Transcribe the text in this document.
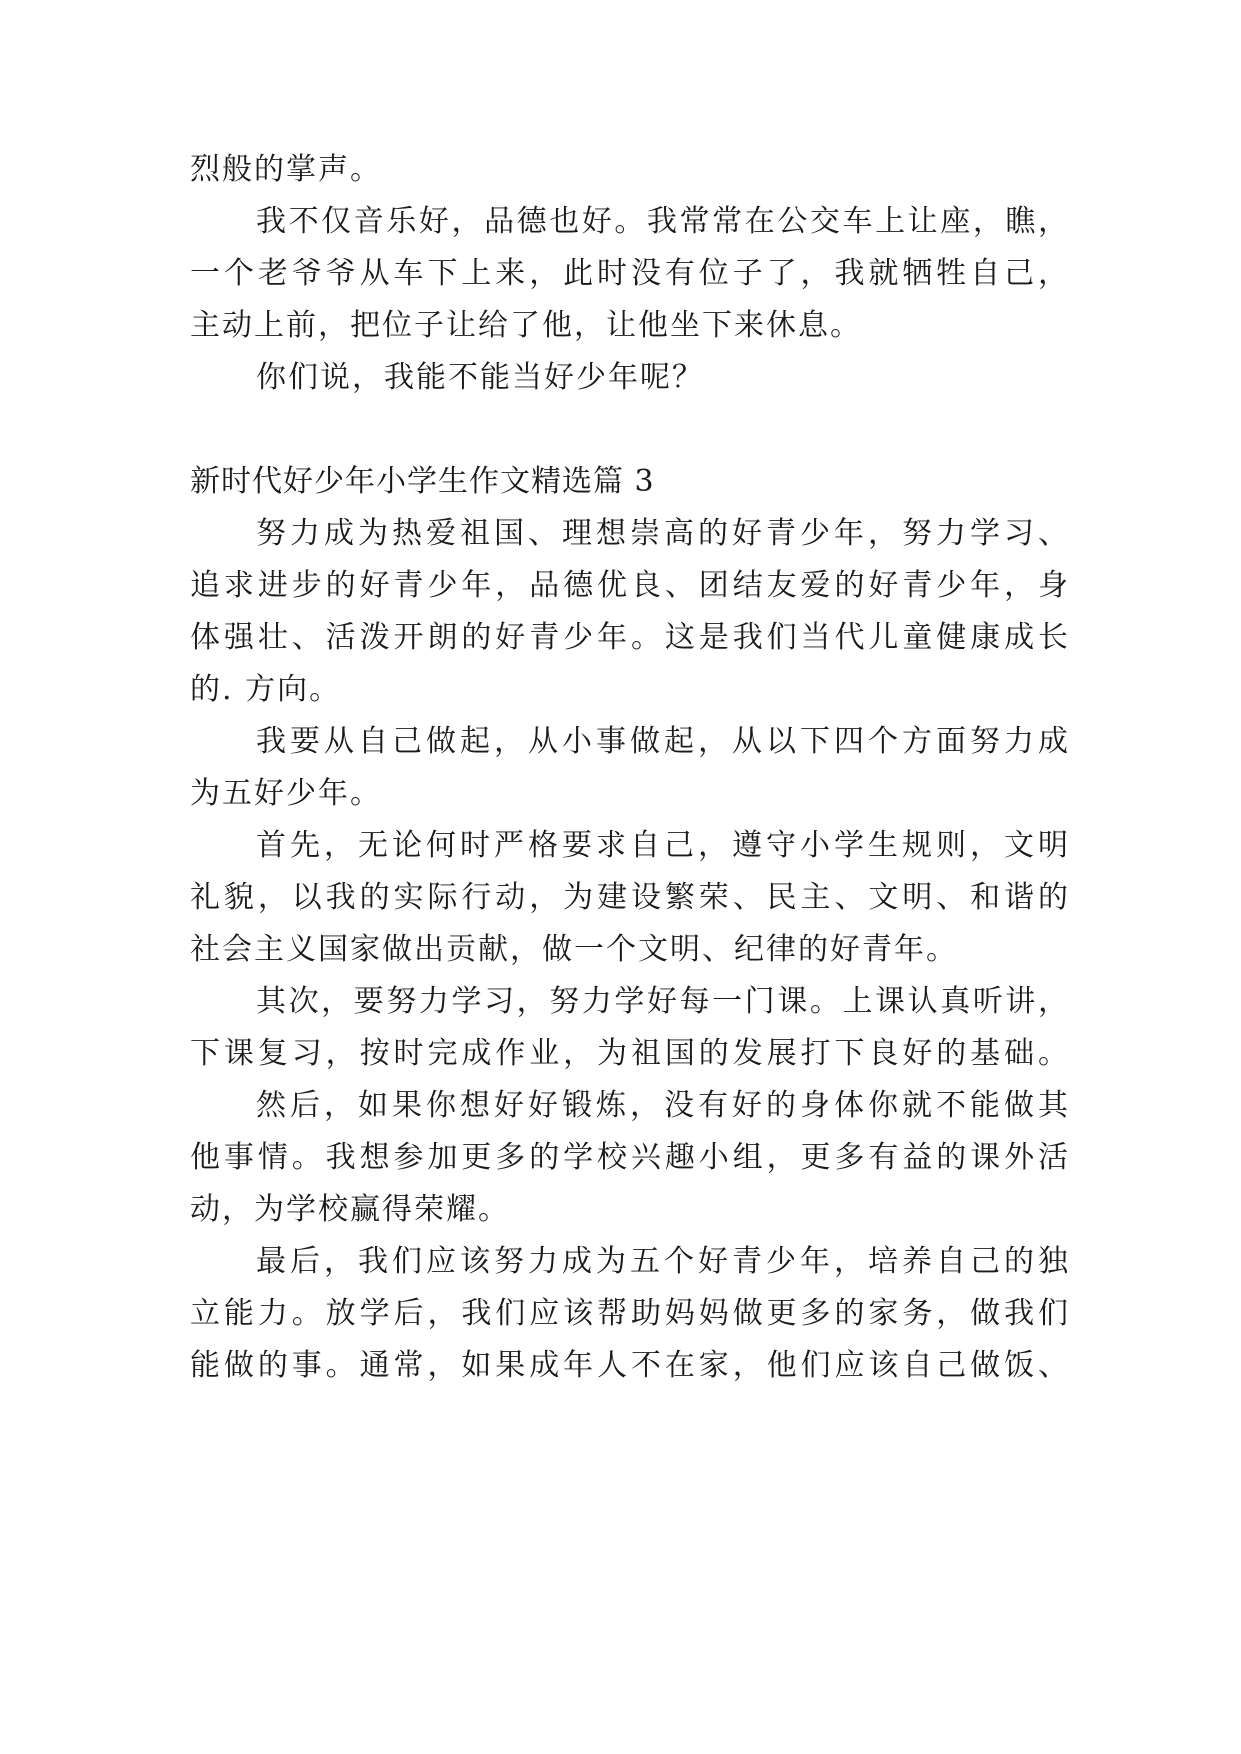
烈般的掌声。
我不仅音乐好，品德也好。我常常在公交车上让座，瞧，
一个老爷爷从车下上来，此时没有位子了，我就牺牲自己，
主动上前，把位子让给了他，让他坐下来休息。
你们说，我能不能当好少年呢？
新时代好少年小学生作文精选篇 3
努力成为热爱祖国、理想崇高的好青少年，努力学习、
追求进步的好青少年，品德优良、团结友爱的好青少年，身
体强壮、活泼开朗的好青少年。这是我们当代儿童健康成长
的. 方向。
我要从自己做起，从小事做起，从以下四个方面努力成
为五好少年。
首先，无论何时严格要求自己，遵守小学生规则，文明
礼貌，以我的实际行动，为建设繁荣、民主、文明、和谐的
社会主义国家做出贡献，做一个文明、纪律的好青年。
其次，要努力学习，努力学好每一门课。上课认真听讲，
下课复习，按时完成作业，为祖国的发展打下良好的基础。
然后，如果你想好好锻炼，没有好的身体你就不能做其
他事情。我想参加更多的学校兴趣小组，更多有益的课外活
动，为学校赢得荣耀。
最后，我们应该努力成为五个好青少年，培养自己的独
立能力。放学后，我们应该帮助妈妈做更多的家务，做我们
能做的事。通常，如果成年人不在家，他们应该自己做饭、
